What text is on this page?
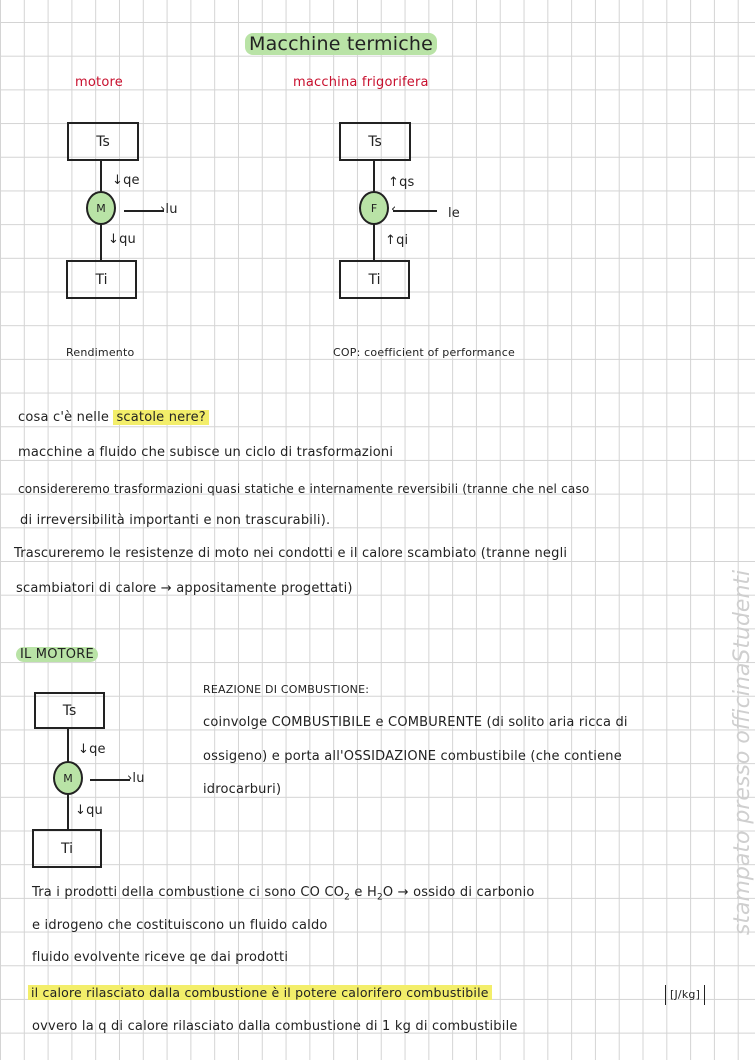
Macchine termiche
motore
Ts
M
↓qe
›lu
↓qu
Ti
Rendimento
macchina frigorifera
Ts
F
↑qs
‹	le
↑qi
Ti
COP: coefficient of performance
cosa c'è nelle scatole nere?
macchine a fluido che subisce un ciclo di trasformazioni
considereremo trasformazioni quasi statiche e internamente reversibili (tranne che nel caso
di irreversibilità importanti e non trascurabili).
Trascureremo le resistenze di moto nei condotti e il calore scambiato (tranne negli
scambiatori di calore → appositamente progettati)
IL MOTORE
Ts
M
↓qe
›lu
↓qu
Ti
REAZIONE DI COMBUSTIONE:
coinvolge COMBUSTIBILE e COMBURENTE (di solito aria ricca di
ossigeno) e porta all'OSSIDAZIONE combustibile (che contiene
idrocarburi)
Tra i prodotti della combustione ci sono CO $CO_2$ e $H_2O$ → ossido di carbonio
e idrogeno che costituiscono un fluido caldo
fluido evolvente riceve qe dai prodotti
il calore rilasciato dalla combustione è il potere calorifero combustibile	[J/kg]
ovvero la q di calore rilasciato dalla combustione di 1 kg di combustibile
stampato presso officinaStudenti
